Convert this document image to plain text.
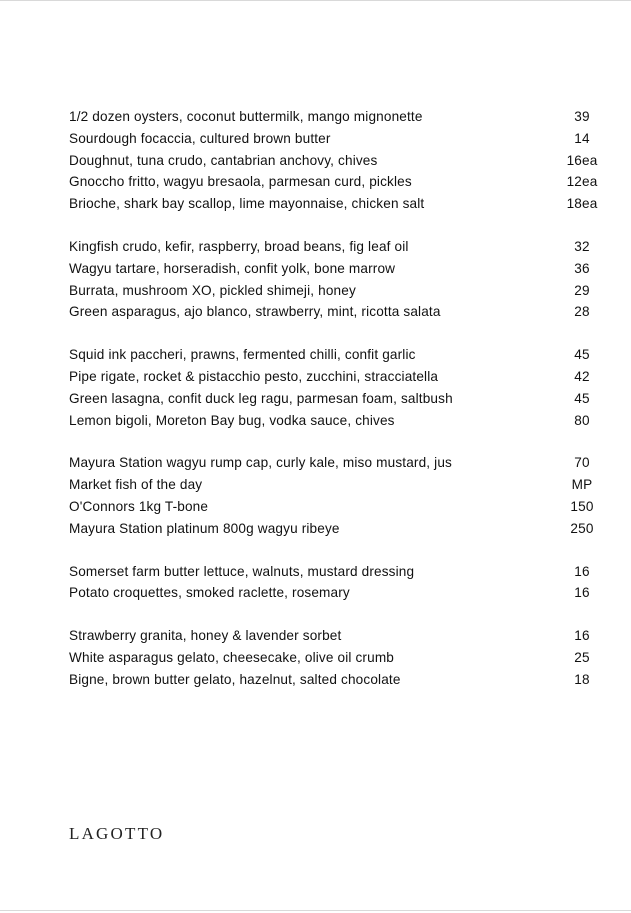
1/2 dozen oysters, coconut buttermilk, mango mignonette	39
Sourdough focaccia, cultured brown butter	14
Doughnut, tuna crudo, cantabrian anchovy, chives	16ea
Gnoccho fritto, wagyu bresaola, parmesan curd, pickles	12ea
Brioche, shark bay scallop, lime mayonnaise, chicken salt	18ea
Kingfish crudo, kefir, raspberry, broad beans, fig leaf oil	32
Wagyu tartare, horseradish, confit yolk, bone marrow	36
Burrata, mushroom XO, pickled shimeji, honey	29
Green asparagus, ajo blanco, strawberry, mint, ricotta salata	28
Squid ink paccheri, prawns, fermented chilli, confit garlic	45
Pipe rigate, rocket & pistacchio pesto, zucchini, stracciatella	42
Green lasagna, confit duck leg ragu, parmesan foam, saltbush	45
Lemon bigoli, Moreton Bay bug, vodka sauce, chives	80
Mayura Station wagyu rump cap, curly kale, miso mustard, jus	70
Market fish of the day	MP
O'Connors 1kg T-bone	150
Mayura Station platinum 800g wagyu ribeye	250
Somerset farm butter lettuce, walnuts, mustard dressing	16
Potato croquettes, smoked raclette, rosemary	16
Strawberry granita, honey & lavender sorbet	16
White asparagus gelato, cheesecake, olive oil crumb	25
Bigne, brown butter gelato, hazelnut, salted chocolate	18
LAGOTTO
